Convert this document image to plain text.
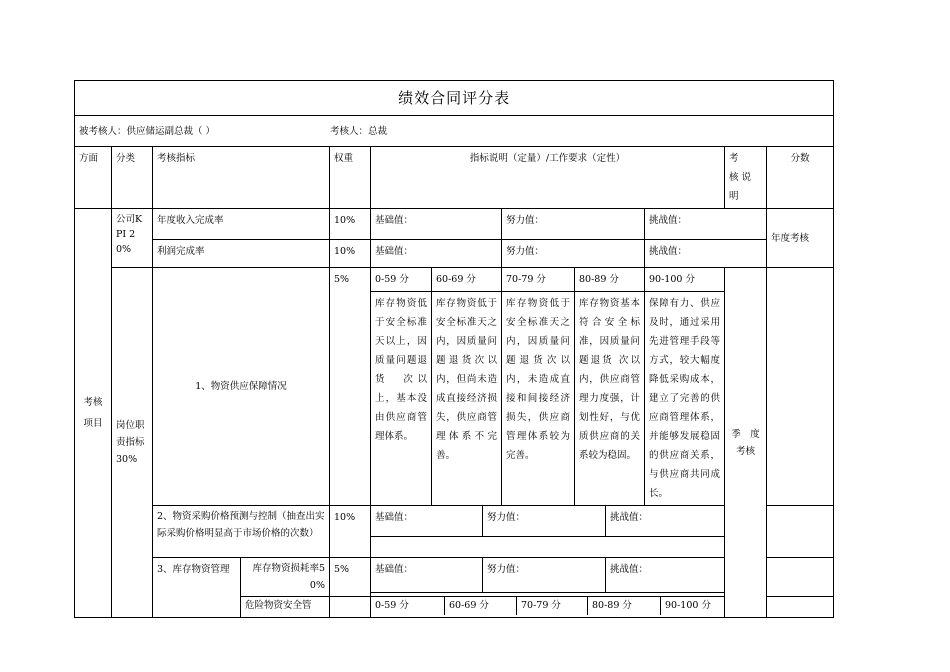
绩效合同评分表												
被考核人：供应储运副总裁（ ） 考核人：总裁												
方面	分类	考核指标		权重	指标说明（定量）/工作要求（定性）					考　核说明	分数	
考核项目	公司KPI 20%	年度收入完成率		10%	基础值：		努力值：		挑战值：		年度考核	
		利润完成率		10%	基础值：		努力值：		挑战值：			
	岗位职责指标 30%	1、物资供应保障情况		5%	0-59 分	60-69 分	70-79 分	80-89 分	90-100 分	季　度考核		
					库存物资低于安全标准　天以上，因质量问题退货　次以上，基本没由供应商管理体系。	库存物资低于安全标准天之内，因质量问题退货次以内，但尚未造成直接经济损失，供应商管理体系不完善。	库存物资低于安全标准天之内，因质量问题退货次以内，未造成直接和间接经济损失，供应商管理体系较为完善。	库存物资基本符合安全标准，因质量问题退货 次以内，供应商管理力度强，计划性好，与优质供应商的关系较为稳固。	保障有力、供应及时，通过采用先进管理手段等方式，较大幅度降低采购成本，建立了完善的供应商管理体系，并能够发展稳固的供应商关系，与供应商共同成长。			
		2、物资采购价格预测与控制（抽查出实际采购价格明显高于市场价格的次数）		10%	基础值： 努力值： 挑战值：							

		3、库存物资管理	库存物资损耗率50%	5%	基础值： 努力值： 挑战值：							

			危险物资安全管		0-59 分 60-69 分 70-79 分 80-89 分 90-100 分							
